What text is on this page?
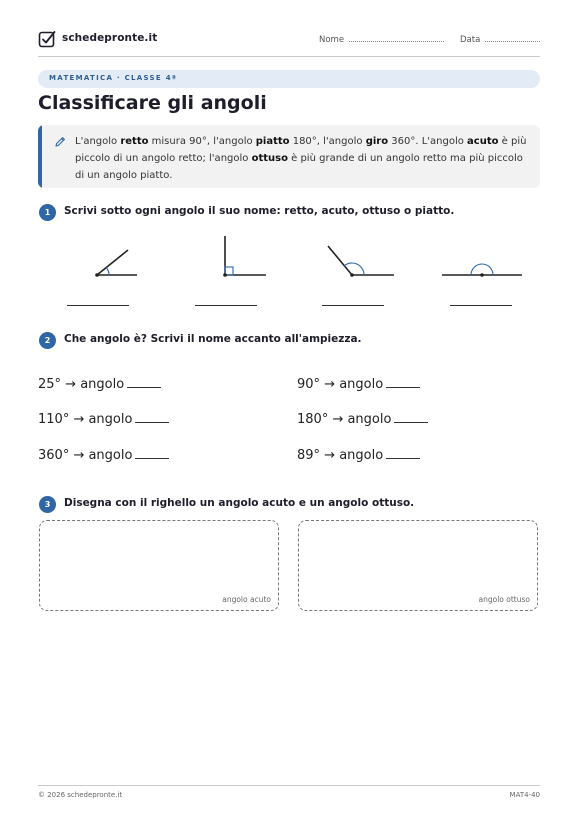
schedepronte.it	Nome	Data
MATEMATICA · CLASSE 4ª
Classificare gli angoli
L'angolo retto misura 90°, l'angolo piatto 180°, l'angolo giro 360°. L'angolo acuto è più piccolo di un angolo retto; l'angolo ottuso è più grande di un angolo retto ma più piccolo di un angolo piatto.
1	Scrivi sotto ogni angolo il suo nome: retto, acuto, ottuso o piatto.
2	Che angolo è? Scrivi il nome accanto all'ampiezza.
25° → angolo	90° → angolo
110° → angolo	180° → angolo
360° → angolo	89° → angolo
3	Disegna con il righello un angolo acuto e un angolo ottuso.
angolo acuto	angolo ottuso
© 2026 schedepronte.it	MAT4-40
